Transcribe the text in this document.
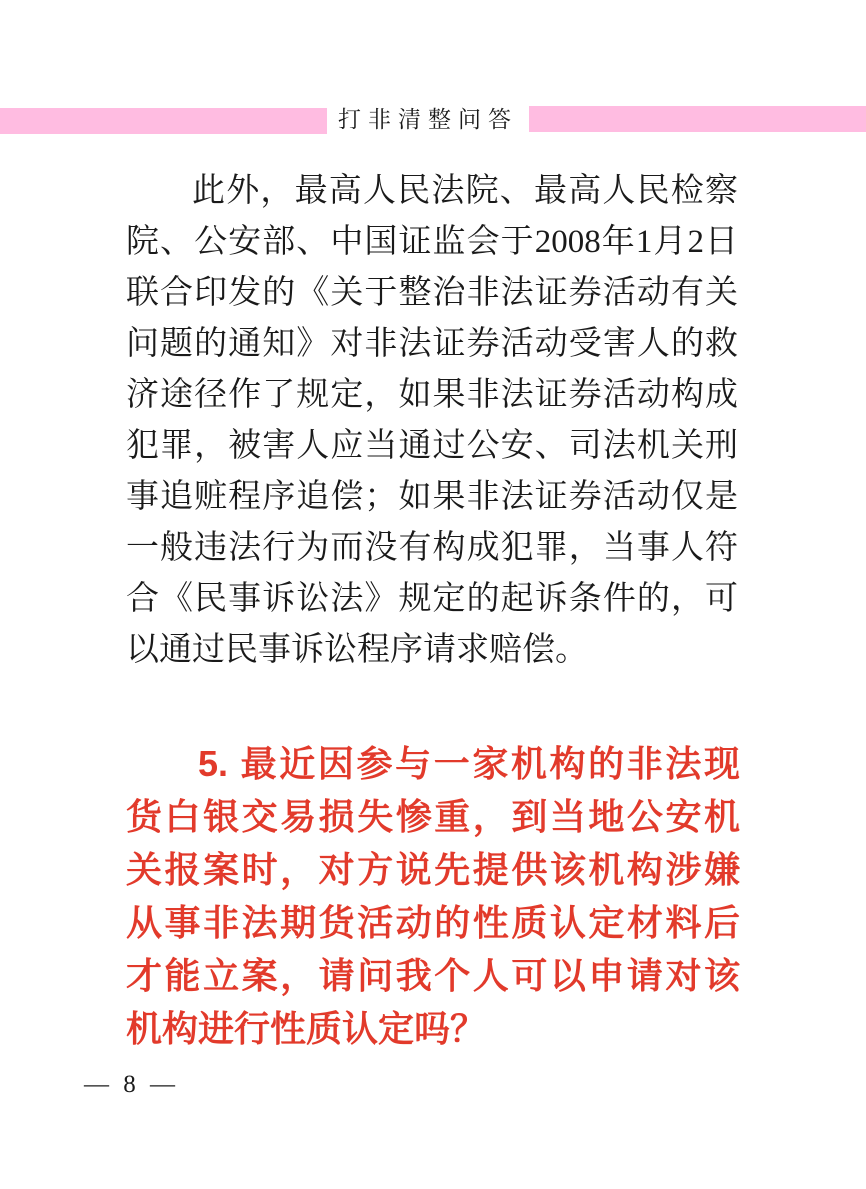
打非清整问答
此外，最高人民法院、最高人民检察
院、公安部、中国证监会于2008年1月2日
联合印发的《关于整治非法证券活动有关
问题的通知》对非法证券活动受害人的救
济途径作了规定，如果非法证券活动构成
犯罪，被害人应当通过公安、司法机关刑
事追赃程序追偿；如果非法证券活动仅是
一般违法行为而没有构成犯罪，当事人符
合《民事诉讼法》规定的起诉条件的，可
以通过民事诉讼程序请求赔偿。
5. 最近因参与一家机构的非法现
货白银交易损失惨重，到当地公安机
关报案时，对方说先提供该机构涉嫌
从事非法期货活动的性质认定材料后
才能立案，请问我个人可以申请对该
机构进行性质认定吗？
— 8 —
